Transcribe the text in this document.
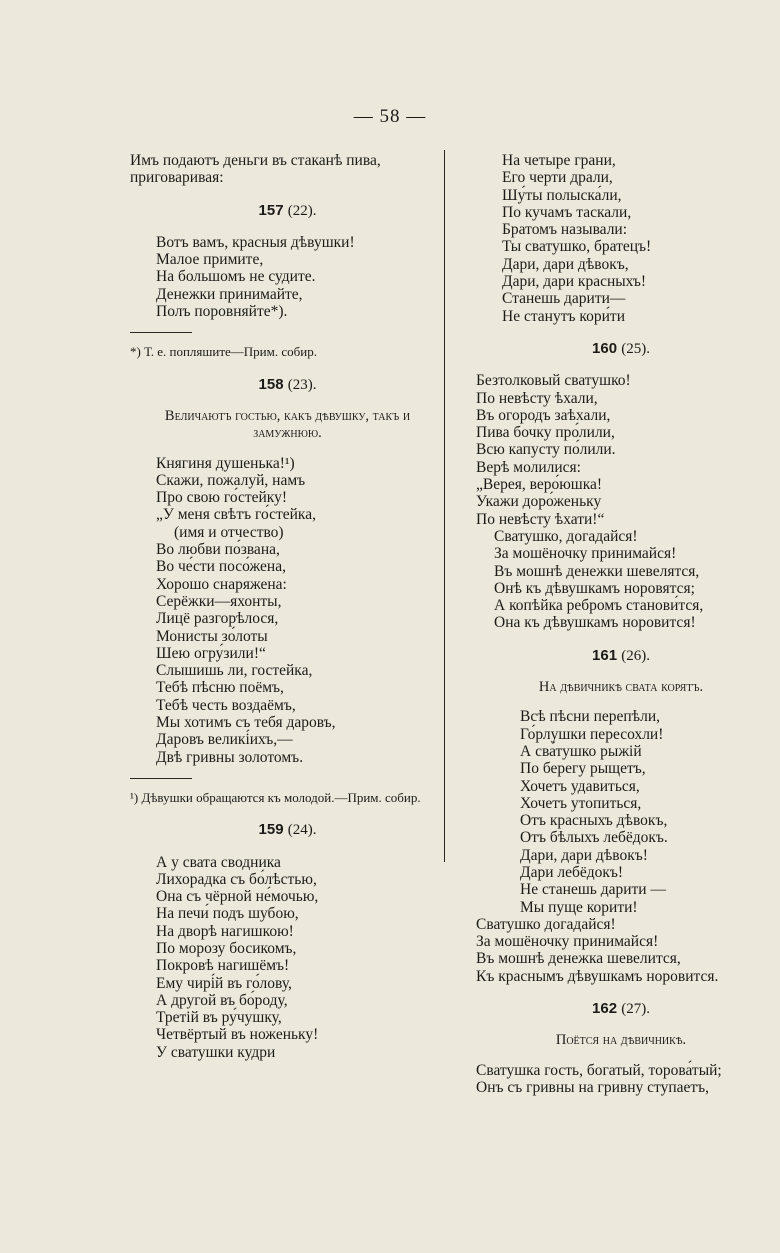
— 58 —
Имъ подаютъ деньги въ стаканѣ пива,
приговаривая:
157 (22).
Вотъ вамъ, красныя дѣвушки!
Малое примите,
На большомъ не судите.
Денежки принимайте,
Полъ поровняйте*).
*) Т. е. попляшите—Прим. собир.
158 (23).
Величаютъ гостью, какъ дѣвушку, такъ и
замужнюю.
Княгиня душенька!¹)
Скажи, пожалуй, намъ
Про свою го́стейку!
„У меня свѣтъ го́стейка,
(имя и отчество)
Во любви по́звана,
Во че́сти посо́жена,
Хорошо снаряжена:
Серёжки—яхонты,
Лицё разгорѣлося,
Мониcты зо́лоты
Шею огру́зили!“
Слышишь ли, гостейка,
Тебѣ пѣсню поёмъ,
Тебѣ честь воздаёмъ,
Мы хотимъ съ тебя даровъ,
Даровъ великі́ихъ,—
Двѣ гривны золотомъ.
¹) Дѣвушки обращаются къ молодой.—Прим. собир.
159 (24).
А у свата сводника
Лихорадка съ бо́лѣстью,
Она съ чёрной не́мочью,
На печи́ подъ шубою,
На дворѣ нагишкою!
По морозу босикомъ,
Покровѣ нагишёмъ!
Ему чирі́й въ го́лову,
А другой въ бо́роду,
Третій въ ру́чушку,
Четвёртый въ ноженьку!
У сватушки кудри
На четыре грани,
Его черти драли,
Шу́ты полыска́ли,
По кучамъ таскали,
Братомъ называли:
Ты сватушко, братецъ!
Дари, дари дѣвокъ,
Дари, дари красныхъ!
Станешь дарити—
Не станутъ кори́ти
160 (25).
Безтолковый сватушко!
По невѣсту ѣхали,
Въ огородъ заѣхали,
Пива бочку про́лили,
Всю капусту по́лили.
Верѣ молилися:
„Верея, веро́юшка!
Укажи доро́женьку
По невѣсту ѣхати!“
Сватушко, догадайся!
За мошёночку принимайся!
Въ мошнѣ денежки шевелятся,
Онѣ къ дѣвушкамъ норовятся;
А копѣйка ребромъ станови́тся,
Она къ дѣвушкамъ норовится!
161 (26).
На дѣвичникѣ свата корятъ.
Всѣ пѣсни перепѣли,
Го́рлушки пересохли!
А сва́тушко рыжій
По берегу рыщетъ,
Хочетъ удавиться,
Хочетъ утопиться,
Отъ красныхъ дѣвокъ,
Отъ бѣлыхъ лебёдокъ.
Дари, дари дѣвокъ!
Дари лебёдокъ!
Не станешь дарити —
Мы пуще корити!
Сватушко догадайся!
За мошёночку принимайся!
Въ мошнѣ денежка шевелится,
Къ краснымъ дѣвушкамъ норовится.
162 (27).
Поётся на дѣвичникѣ.
Сватушка гость, богатый, торова́тый;
Онъ съ гривны на гривну ступаетъ,
